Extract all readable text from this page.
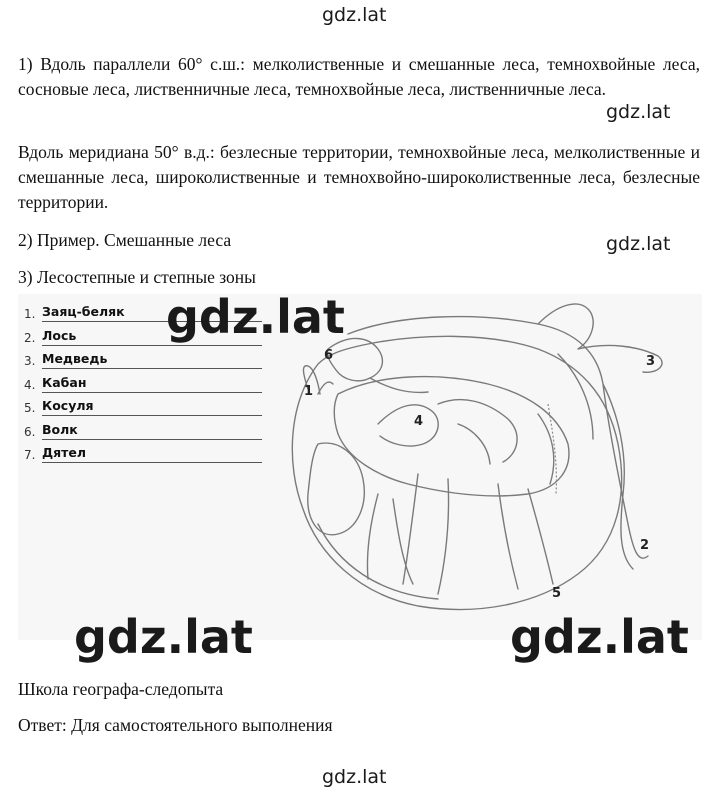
gdz.lat
gdz.lat
gdz.lat
1) Вдоль параллели 60° с.ш.: мелколиственные и смешанные леса, темнохвойные леса, сосновые леса, лиственничные леса, темнохвойные леса, лиственничные леса.
Вдоль меридиана 50° в.д.: безлесные территории, темнохвойные леса, мелколиственные и смешанные леса, широколиственные и темнохвойно-широколиственные леса, безлесные территории.
2) Пример. Смешанные леса
3) Лесостепные и степные зоны
1. Заяц-беляк
2. Лось
3. Медведь
4. Кабан
5. Косуля
6. Волк
7. Дятел
6
1
4
3
2
5
gdz.lat
gdz.lat	gdz.lat
Школа географа-следопыта
Ответ: Для самостоятельного выполнения
gdz.lat
